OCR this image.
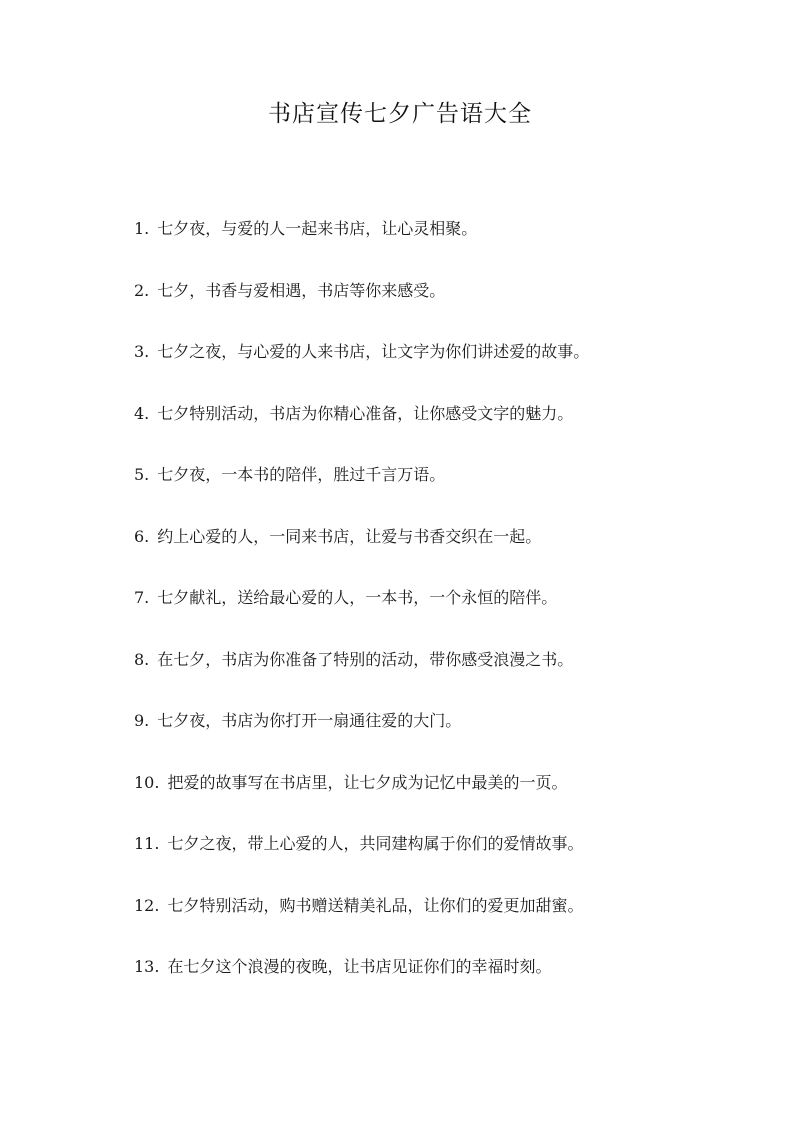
书店宣传七夕广告语大全
1. 七夕夜，与爱的人一起来书店，让心灵相聚。
2. 七夕，书香与爱相遇，书店等你来感受。
3. 七夕之夜，与心爱的人来书店，让文字为你们讲述爱的故事。
4. 七夕特别活动，书店为你精心准备，让你感受文字的魅力。
5. 七夕夜，一本书的陪伴，胜过千言万语。
6. 约上心爱的人，一同来书店，让爱与书香交织在一起。
7. 七夕献礼，送给最心爱的人，一本书，一个永恒的陪伴。
8. 在七夕，书店为你准备了特别的活动，带你感受浪漫之书。
9. 七夕夜，书店为你打开一扇通往爱的大门。
10. 把爱的故事写在书店里，让七夕成为记忆中最美的一页。
11. 七夕之夜，带上心爱的人，共同建构属于你们的爱情故事。
12. 七夕特别活动，购书赠送精美礼品，让你们的爱更加甜蜜。
13. 在七夕这个浪漫的夜晚，让书店见证你们的幸福时刻。
